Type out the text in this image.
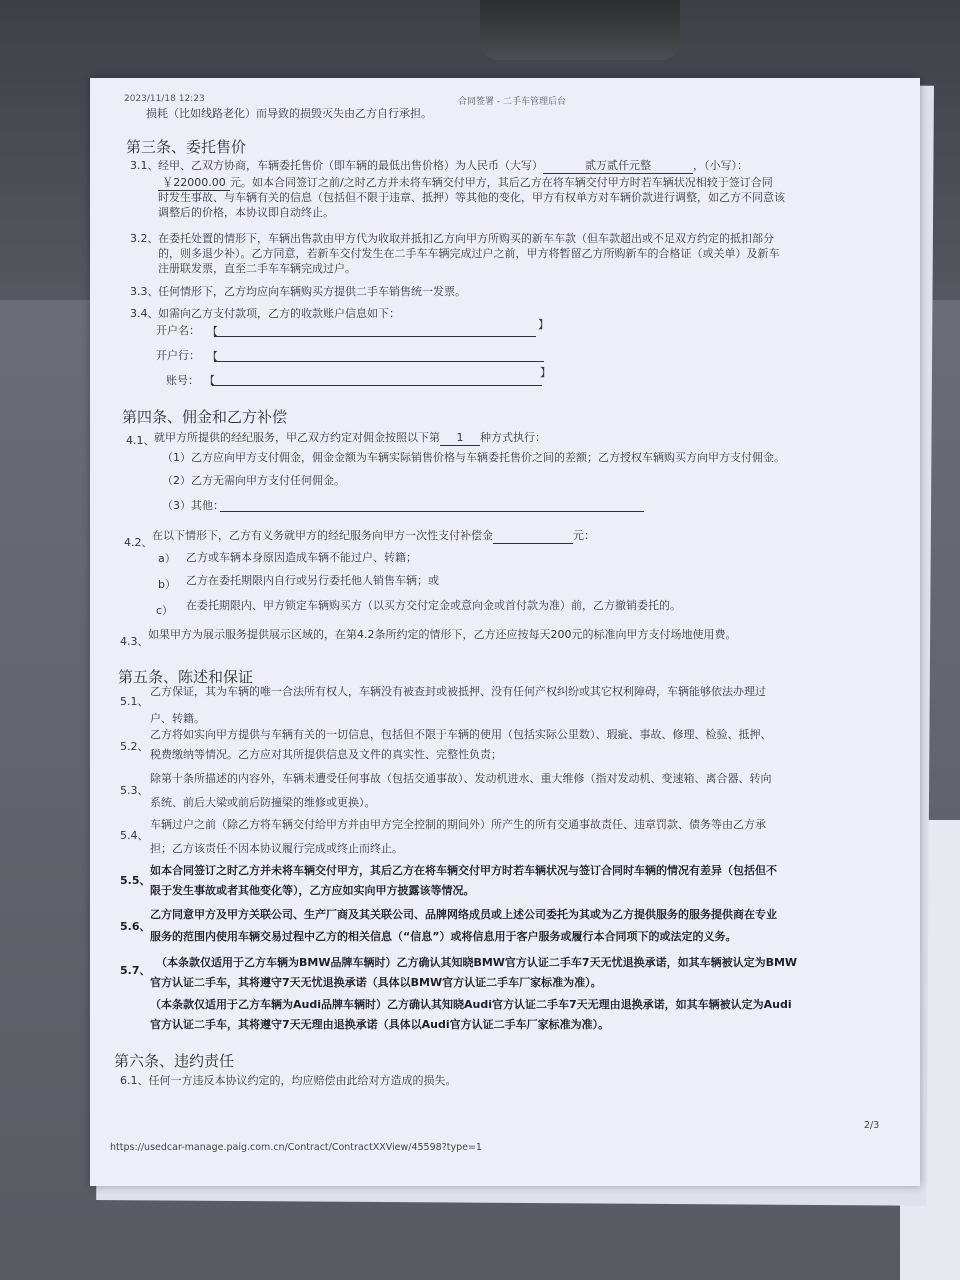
2023/11/18 12:23	合同签署 - 二手车管理后台
损耗（比如线路老化）而导致的损毁灭失由乙方自行承担。
第三条、委托售价
3.1、 经甲、乙双方协商，车辆委托售价（即车辆的最低出售价格）为人民币（大写）	贰万贰仟元整	，（小写）：
￥22000.00 元。如本合同签订之前/之时乙方并未将车辆交付甲方，其后乙方在将车辆交付甲方时若车辆状况相较于签订合同
时发生事故、与车辆有关的信息（包括但不限于违章、抵押）等其他的变化，甲方有权单方对车辆价款进行调整，如乙方不同意该
调整后的价格，本协议即自动终止。
3.2、 在委托处置的情形下，车辆出售款由甲方代为收取并抵扣乙方向甲方所购买的新车车款（但车款超出或不足双方约定的抵扣部分
的，则多退少补）。乙方同意，若新车交付发生在二手车车辆完成过户之前，甲方将暂留乙方所购新车的合格证（或关单）及新车
注册联发票，直至二手车车辆完成过户。
3.3、 任何情形下，乙方均应向车辆购买方提供二手车销售统一发票。
3.4、 如需向乙方支付款项，乙方的收款账户信息如下：
开户名： 【
】
开户行： 【
账号： 【
】
第四条、佣金和乙方补偿
4.1、 就甲方所提供的经纪服务，甲乙双方约定对佣金按照以下第 1 种方式执行：
（1）乙方应向甲方支付佣金，佣金金额为车辆实际销售价格与车辆委托售价之间的差额；乙方授权车辆购买方向甲方支付佣金。
（2）乙方无需向甲方支付任何佣金。
（3）其他：
4.2、
在以下情形下，乙方有义务就甲方的经纪服务向甲方一次性支付补偿金	元：
a） 乙方或车辆本身原因造成车辆不能过户、转籍；
b） 乙方在委托期限内自行或另行委托他人销售车辆；或
c） 在委托期限内、甲方锁定车辆购买方（以买方交付定金或意向金或首付款为准）前，乙方撤销委托的。
4.3、
如果甲方为展示服务提供展示区域的，在第4.2条所约定的情形下，乙方还应按每天200元的标准向甲方支付场地使用费。
第五条、陈述和保证
5.1、
乙方保证，其为车辆的唯一合法所有权人，车辆没有被查封或被抵押、没有任何产权纠纷或其它权利障碍，车辆能够依法办理过
户、转籍。
5.2、
乙方将如实向甲方提供与车辆有关的一切信息，包括但不限于车辆的使用（包括实际公里数）、瑕疵、事故、修理、检验、抵押、
税费缴纳等情况。乙方应对其所提供信息及文件的真实性、完整性负责；
5.3、
除第十条所描述的内容外，车辆未遭受任何事故（包括交通事故）、发动机进水、重大维修（指对发动机、变速箱、离合器、转向
系统、前后大梁或前后防撞梁的维修或更换）。
5.4、
车辆过户之前（除乙方将车辆交付给甲方并由甲方完全控制的期间外）所产生的所有交通事故责任、违章罚款、债务等由乙方承
担；乙方该责任不因本协议履行完成或终止而终止。
5.5、
如本合同签订之时乙方并未将车辆交付甲方，其后乙方在将车辆交付甲方时若车辆状况与签订合同时车辆的情况有差异（包括但不
限于发生事故或者其他变化等），乙方应如实向甲方披露该等情况。
5.6、
乙方同意甲方及甲方关联公司、生产厂商及其关联公司、品牌网络成员或上述公司委托为其或为乙方提供服务的服务提供商在专业
服务的范围内使用车辆交易过程中乙方的相关信息（“信息”）或将信息用于客户服务或履行本合同项下的或法定的义务。
5.7、
（本条款仅适用于乙方车辆为BMW品牌车辆时）乙方确认其知晓BMW官方认证二手车7天无忧退换承诺，如其车辆被认定为BMW
官方认证二手车，其将遵守7天无忧退换承诺（具体以BMW官方认证二手车厂家标准为准）。
（本条款仅适用于乙方车辆为Audi品牌车辆时）乙方确认其知晓Audi官方认证二手车7天无理由退换承诺，如其车辆被认定为Audi
官方认证二手车，其将遵守7天无理由退换承诺（具体以Audi官方认证二手车厂家标准为准）。
第六条、违约责任
6.1、任何一方违反本协议约定的，均应赔偿由此给对方造成的损失。
2/3
https://usedcar-manage.paig.com.cn/Contract/ContractXXView/45598?type=1
